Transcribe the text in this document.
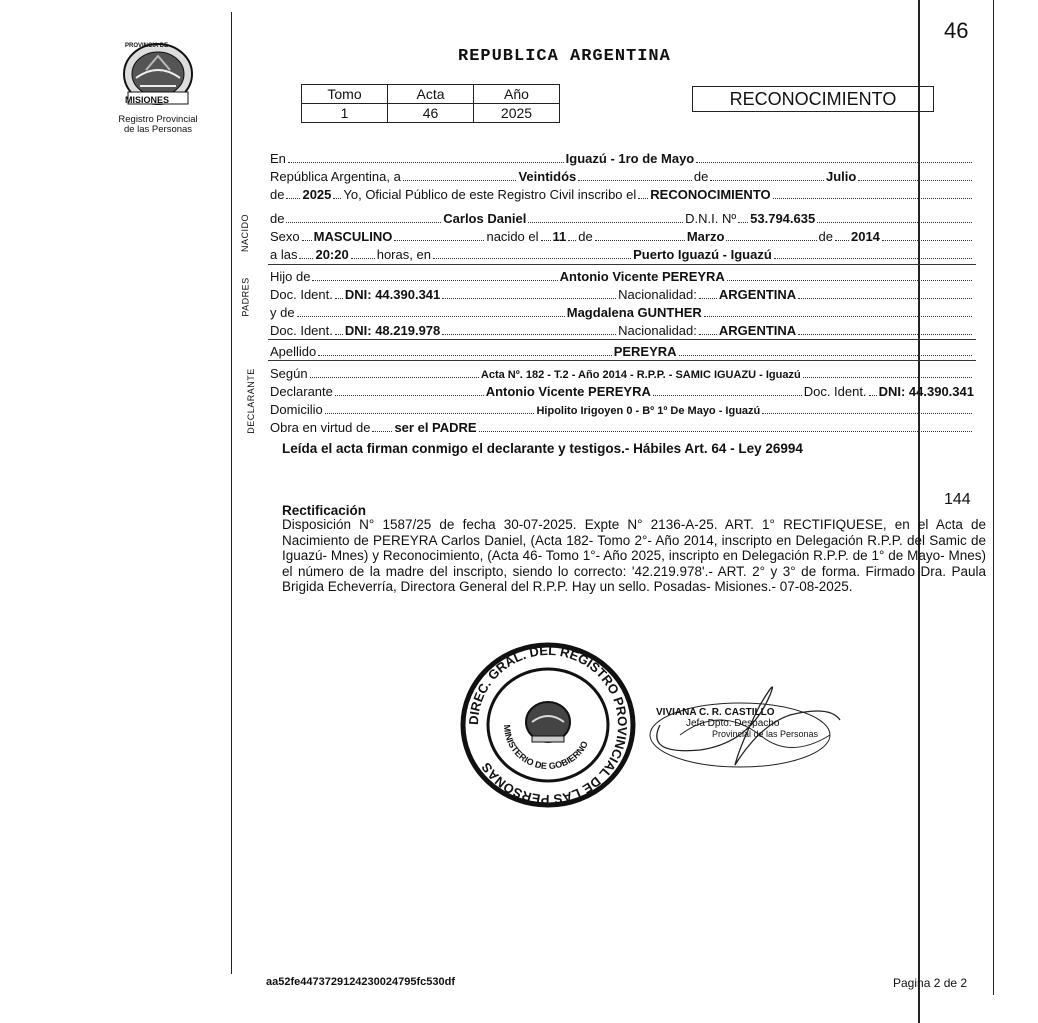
46
Registro Provincial
de las Personas
PROVINCIA DE
MISIONES
REPUBLICA ARGENTINA
Tomo	Acta	Año
1	46	2025
RECONOCIMIENTO
NACIDO
PADRES
DECLARANTE
En	Iguazú - 1ro de Mayo
República Argentina, a	Veintidós	de	Julio
de 2025 Yo, Oficial Público de este Registro Civil inscribo el RECONOCIMIENTO
de	Carlos Daniel	D.N.I. Nº 53.794.635
Sexo MASCULINO	nacido el 11 de	Marzo	de 2014
a las 20:20 horas, en	Puerto Iguazú - Iguazú
Hijo de	Antonio Vicente PEREYRA
Doc. Ident. DNI: 44.390.341	Nacionalidad: ARGENTINA
y de	Magdalena GUNTHER
Doc. Ident. DNI: 48.219.978	Nacionalidad: ARGENTINA
Apellido	PEREYRA
Según	Acta Nº. 182 - T.2 - Año 2014 - R.P.P. - SAMIC IGUAZU - Iguazú
Declarante	Antonio Vicente PEREYRA	Doc. Ident. DNI: 44.390.341
Domicilio	Hipolito Irigoyen 0 - Bº 1º De Mayo - Iguazú
Obra en virtud de ser el PADRE
Leída el acta firman conmigo el declarante y testigos.- Hábiles Art. 64 - Ley 26994
144
Rectificación
Disposición N° 1587/25 de fecha 30-07-2025. Expte N° 2136-A-25. ART. 1° RECTIFIQUESE, en el Acta de Nacimiento de PEREYRA Carlos Daniel, (Acta 182- Tomo 2°- Año 2014, inscripto en Delegación R.P.P. del Samic de Iguazú- Mnes) y Reconocimiento, (Acta 46- Tomo 1°- Año 2025, inscripto en Delegación R.P.P. de 1° de Mayo- Mnes) el número de la madre del inscripto, siendo lo correcto: '42.219.978'.- ART. 2° y 3° de forma. Firmado Dra. Paula Brigida Echeverría, Directora General del R.P.P. Hay un sello. Posadas- Misiones.- 07-08-2025.
DIREC. GRAL. DEL REGISTRO PROVINCIAL DE LAS PERSONAS
MINISTERIO DE GOBIERNO
VIVIANA C. R. CASTILLO
Jefa Dpto. Despacho
Provincial de las Personas
aa52fe447372912423002479​5fc530df	Pagina 2 de 2
